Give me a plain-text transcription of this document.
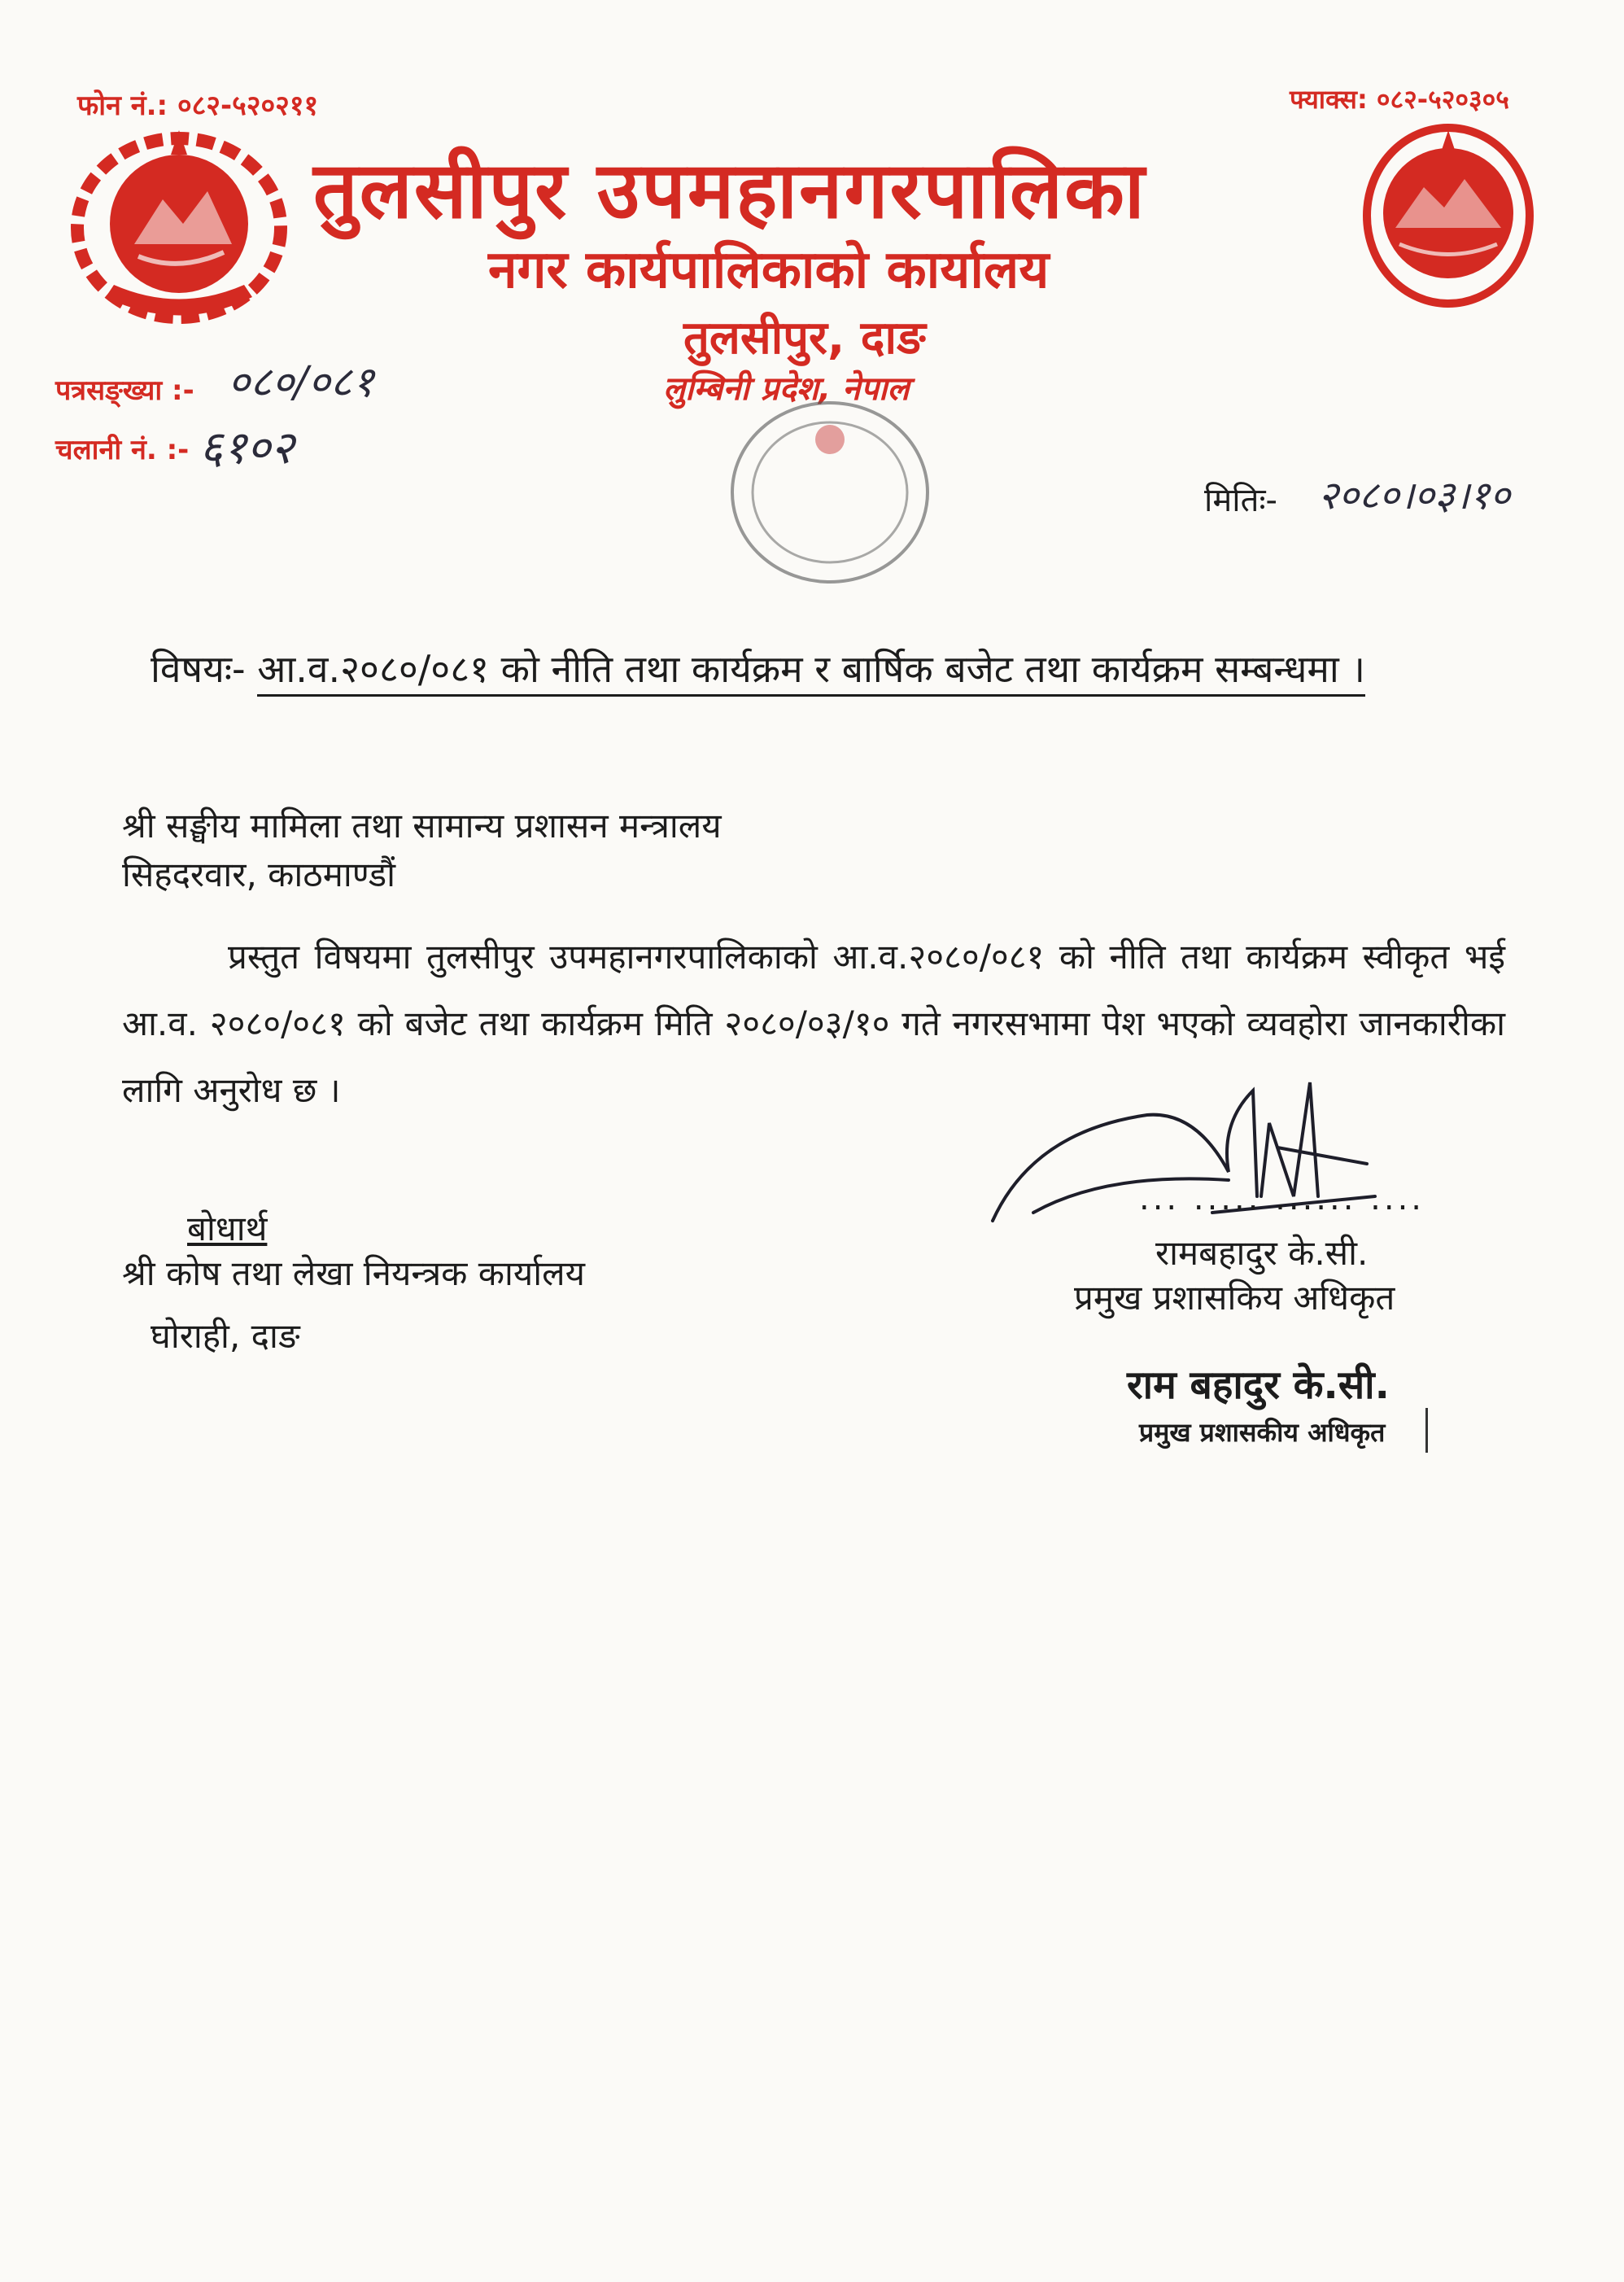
फोन नं.: ०८२-५२०२११	फ्याक्स: ०८२-५२०३०५
तुलसीपुर उपमहानगरपालिका
नगर कार्यपालिकाको कार्यालय
तुलसीपुर, दाङ
लुम्बिनी प्रदेश, नेपाल
पत्रसङ्ख्या :- ०८०/०८१
चलानी नं. :- ६१०२
मितिः- २०८०।०३।१०
विषयः- आ.व.२०८०/०८१ को नीति तथा कार्यक्रम र बार्षिक बजेट तथा कार्यक्रम सम्बन्धमा ।
श्री सङ्घीय मामिला तथा सामान्य प्रशासन मन्त्रालय
सिहदरवार, काठमाण्डौं
प्रस्तुत विषयमा तुलसीपुर उपमहानगरपालिकाको आ.व.२०८०/०८१ को नीति तथा कार्यक्रम स्वीकृत भई आ.व. २०८०/०८१ को बजेट तथा कार्यक्रम मिति २०८०/०३/१० गते नगरसभामा पेश भएको व्यवहोरा जानकारीका लागि अनुरोध छ ।
... ..... ...... ....
रामबहादुर के.सी.
प्रमुख प्रशासकिय अधिकृत
बोधार्थ
श्री कोष तथा लेखा नियन्त्रक कार्यालय
घोराही, दाङ
राम बहादुर के.सी.
प्रमुख प्रशासकीय अधिकृत
